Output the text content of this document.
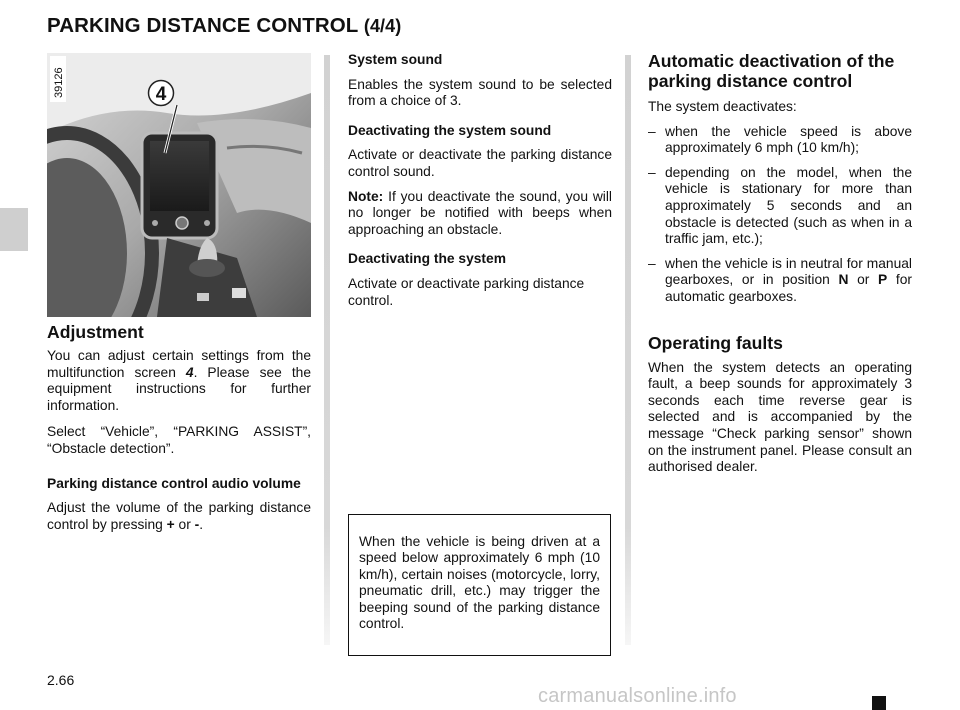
PARKING DISTANCE CONTROL (4/4)
4
39126

Adjustment

You can adjust certain settings from the multifunction screen 4. Please see the equipment instructions for further information.

Select “Vehicle”, “PARKING ASSIST”, “Obstacle detection”.

Parking distance control audio volume

Adjust the volume of the parking distance control by pressing + or -.

System sound

Enables the system sound to be selected from a choice of 3.

Deactivating the system sound

Activate or deactivate the parking distance control sound.

Note: If you deactivate the sound, you will no longer be notified with beeps when approaching an obstacle.

Deactivating the system

Activate or deactivate parking distance control.

When the vehicle is being driven at a speed below approximately 6 mph (10 km/h), certain noises (motorcycle, lorry, pneumatic drill, etc.) may trigger the beeping sound of the parking distance control.

Automatic deactivation of the parking distance control

The system deactivates:

– when the vehicle speed is above approximately 6 mph (10 km/h);
– depending on the model, when the vehicle is stationary for more than approximately 5 seconds and an obstacle is detected (such as when in a traffic jam, etc.);
– when the vehicle is in neutral for manual gearboxes, or in position N or P for automatic gearboxes.

Operating faults

When the system detects an operating fault, a beep sounds for approximately 3 seconds each time reverse gear is selected and is accompanied by the message “Check parking sensor” shown on the instrument panel. Please consult an authorised dealer.

2.66
carmanualsonline.info
